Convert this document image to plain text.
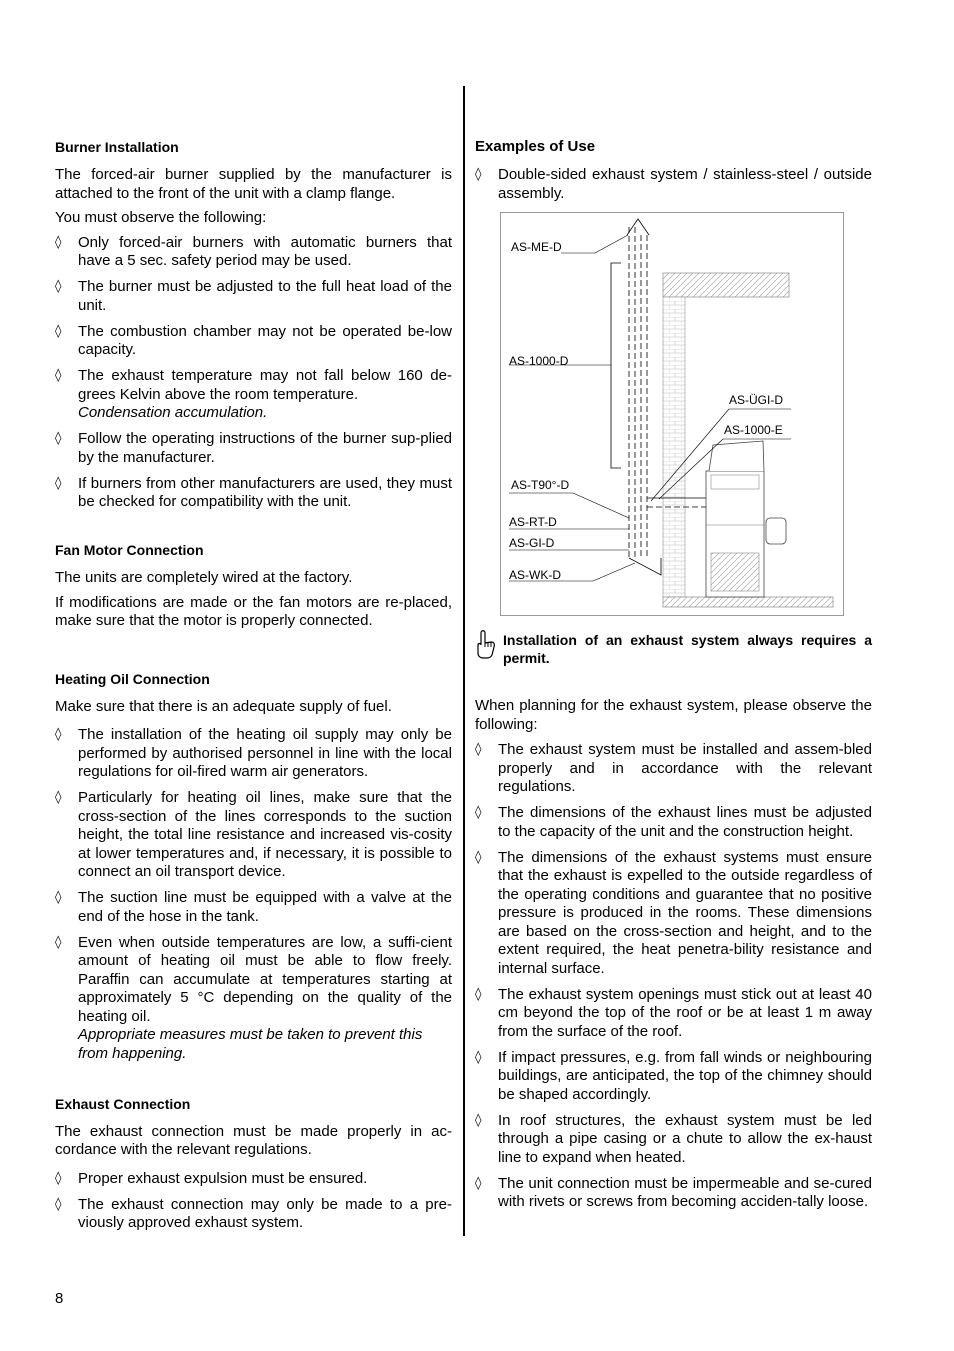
Burner Installation

The forced-air burner supplied by the manufacturer is attached to the front of the unit with a clamp flange.

You must observe the following:

◊ Only forced-air burners with automatic burners that have a 5 sec. safety period may be used.
◊ The burner must be adjusted to the full heat load of the unit.
◊ The combustion chamber may not be operated be-low capacity.
◊ The exhaust temperature may not fall below 160 de-grees Kelvin above the room temperature.
Condensation accumulation.
◊ Follow the operating instructions of the burner sup-plied by the manufacturer.
◊ If burners from other manufacturers are used, they must be checked for compatibility with the unit.
Fan Motor Connection

The units are completely wired at the factory.

If modifications are made or the fan motors are re-placed, make sure that the motor is properly connected.

Heating Oil Connection

Make sure that there is an adequate supply of fuel.

◊ The installation of the heating oil supply may only be performed by authorised personnel in line with the local regulations for oil-fired warm air generators.
◊ Particularly for heating oil lines, make sure that the cross-section of the lines corresponds to the suction height, the total line resistance and increased vis-cosity at lower temperatures and, if necessary, it is possible to connect an oil transport device.
◊ The suction line must be equipped with a valve at the end of the hose in the tank.
◊ Even when outside temperatures are low, a suffi-cient amount of heating oil must be able to flow freely. Paraffin can accumulate at temperatures starting at approximately 5 °C depending on the quality of the heating oil.
Appropriate measures must be taken to prevent this from happening.
Exhaust Connection

The exhaust connection must be made properly in ac-cordance with the relevant regulations.

◊ Proper exhaust expulsion must be ensured.
◊ The exhaust connection may only be made to a pre-viously approved exhaust system.
Examples of Use
◊ Double-sided exhaust system / stainless-steel / outside assembly.
AS-ME-D
AS-1000-D
AS-ÜGI-D
AS-1000-E
AS-T90°-D
AS-RT-D
AS-GI-D
AS-WK-D
Installation of an exhaust system always requires a permit.

When planning for the exhaust system, please observe the following:

◊ The exhaust system must be installed and assem-bled properly and in accordance with the relevant regulations.
◊ The dimensions of the exhaust lines must be adjusted to the capacity of the unit and the construction height.
◊ The dimensions of the exhaust systems must ensure that the exhaust is expelled to the outside regardless of the operating conditions and guarantee that no positive pressure is produced in the rooms. These dimensions are based on the cross-section and height, and to the extent required, the heat penetra-bility resistance and internal surface.
◊ The exhaust system openings must stick out at least 40 cm beyond the top of the roof or be at least 1 m away from the surface of the roof.
◊ If impact pressures, e.g. from fall winds or neighbouring buildings, are anticipated, the top of the chimney should be shaped accordingly.
◊ In roof structures, the exhaust system must be led through a pipe casing or a chute to allow the ex-haust line to expand when heated.
◊ The unit connection must be impermeable and se-cured with rivets or screws from becoming acciden-tally loose.
8
